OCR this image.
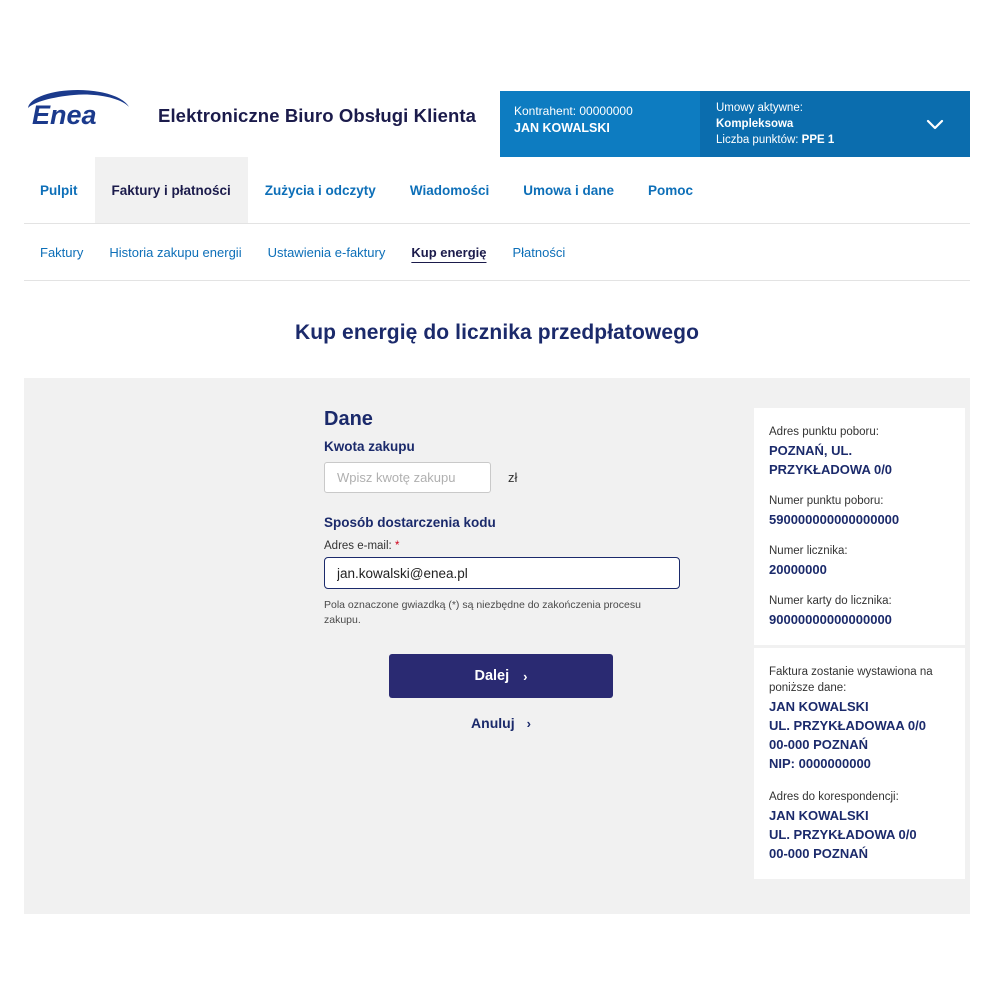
Enea	Elektroniczne Biuro Obsługi Klienta	Kontrahent: 00000000
JAN KOWALSKI
Umowy aktywne:
Kompleksowa
Liczba punktów: PPE 1
Pulpit	Faktury i płatności	Zużycia i odczyty	Wiadomości	Umowa i dane	Pomoc
Faktury	Historia zakupu energii	Ustawienia e-faktury	Kup energię	Płatności
Kup energię do licznika przedpłatowego
Dane
Kwota zakupu
Wpisz kwotę zakupu
zł
Sposób dostarczenia kodu
Adres e-mail: *
jan.kowalski@enea.pl
Pola oznaczone gwiazdką (*) są niezbędne do zakończenia procesu zakupu.
Dalej ›
Anuluj ›
Adres punktu poboru:
POZNAŃ, UL. PRZYKŁADOWA 0/0
Numer punktu poboru:
590000000000000000
Numer licznika:
20000000
Numer karty do licznika:
90000000000000000
Faktura zostanie wystawiona na poniższe dane:
JAN KOWALSKI
UL. PRZYKŁADOWAA 0/0
00-000 POZNAŃ
NIP: 0000000000
Adres do korespondencji:
JAN KOWALSKI
UL. PRZYKŁADOWA 0/0
00-000 POZNAŃ
